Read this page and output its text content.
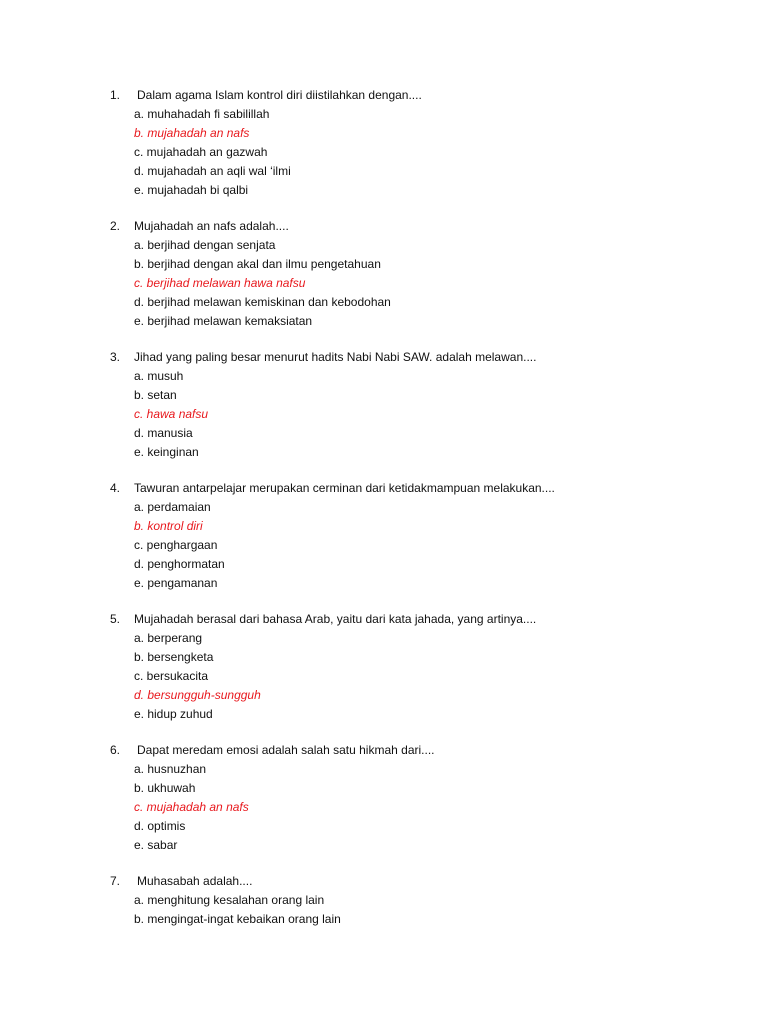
1.	Dalam agama Islam kontrol diri diistilahkan dengan....
a. muhahadah fi sabilillah
b. mujahadah an nafs
c. mujahadah an gazwah
d. mujahadah an aqli wal ‘ilmi
e. mujahadah bi qalbi
2.	Mujahadah an nafs adalah....
a. berjihad dengan senjata
b. berjihad dengan akal dan ilmu pengetahuan
c. berjihad melawan hawa nafsu
d. berjihad melawan kemiskinan dan kebodohan
e. berjihad melawan kemaksiatan
3.	Jihad yang paling besar menurut hadits Nabi Nabi SAW. adalah melawan....
a. musuh
b. setan
c. hawa nafsu
d. manusia
e. keinginan
4.	Tawuran antarpelajar merupakan cerminan dari ketidakmampuan melakukan....
a. perdamaian
b. kontrol diri
c. penghargaan
d. penghormatan
e. pengamanan
5.	Mujahadah berasal dari bahasa Arab, yaitu dari kata jahada, yang artinya....
a. berperang
b. bersengketa
c. bersukacita
d. bersungguh-sungguh
e. hidup zuhud
6.	Dapat meredam emosi adalah salah satu hikmah dari....
a. husnuzhan
b. ukhuwah
c. mujahadah an nafs
d. optimis
e. sabar
7.	Muhasabah adalah....
a. menghitung kesalahan orang lain
b. mengingat-ingat kebaikan orang lain
